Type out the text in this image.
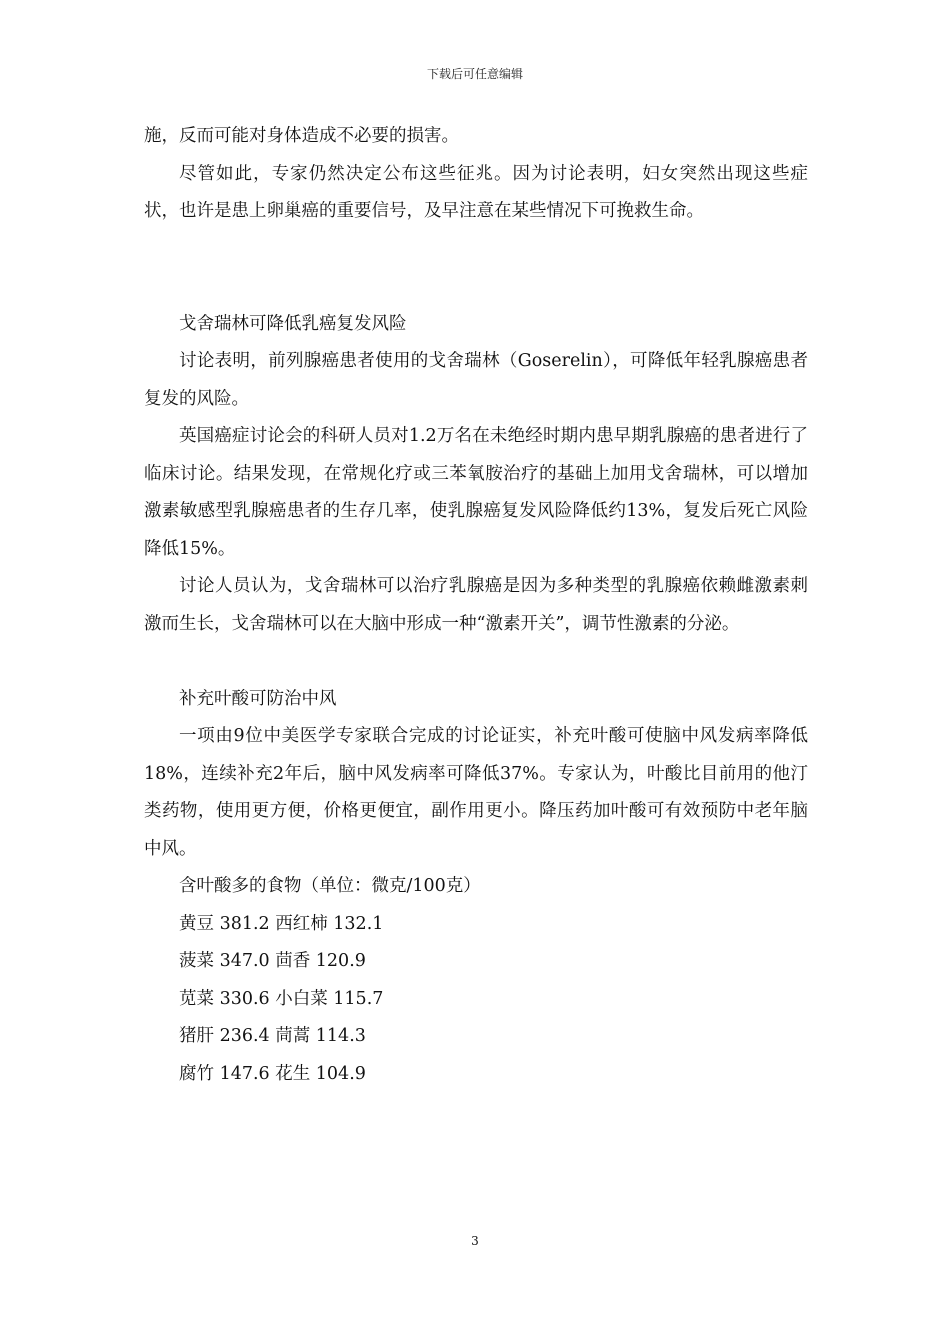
下载后可任意编辑

施，反而可能对身体造成不必要的损害。

尽管如此，专家仍然决定公布这些征兆。因为讨论表明，妇女突然出现这些症状，也许是患上卵巢癌的重要信号，及早注意在某些情况下可挽救生命。

戈舍瑞林可降低乳癌复发风险

讨论表明，前列腺癌患者使用的戈舍瑞林（Goserelin），可降低年轻乳腺癌患者复发的风险。

英国癌症讨论会的科研人员对1.2万名在未绝经时期内患早期乳腺癌的患者进行了临床讨论。结果发现，在常规化疗或三苯氧胺治疗的基础上加用戈舍瑞林，可以增加激素敏感型乳腺癌患者的生存几率，使乳腺癌复发风险降低约13%，复发后死亡风险降低15%。

讨论人员认为，戈舍瑞林可以治疗乳腺癌是因为多种类型的乳腺癌依赖雌激素刺激而生长，戈舍瑞林可以在大脑中形成一种“激素开关”，调节性激素的分泌。

补充叶酸可防治中风

一项由9位中美医学专家联合完成的讨论证实，补充叶酸可使脑中风发病率降低18%，连续补充2年后，脑中风发病率可降低37%。专家认为，叶酸比目前用的他汀类药物，使用更方便，价格更便宜，副作用更小。降压药加叶酸可有效预防中老年脑中风。

含叶酸多的食物（单位：微克/100克）

黄豆 381.2 西红柿 132.1

菠菜 347.0 茴香 120.9

苋菜 330.6 小白菜 115.7

猪肝 236.4 茼蒿 114.3

腐竹 147.6 花生 104.9

3
